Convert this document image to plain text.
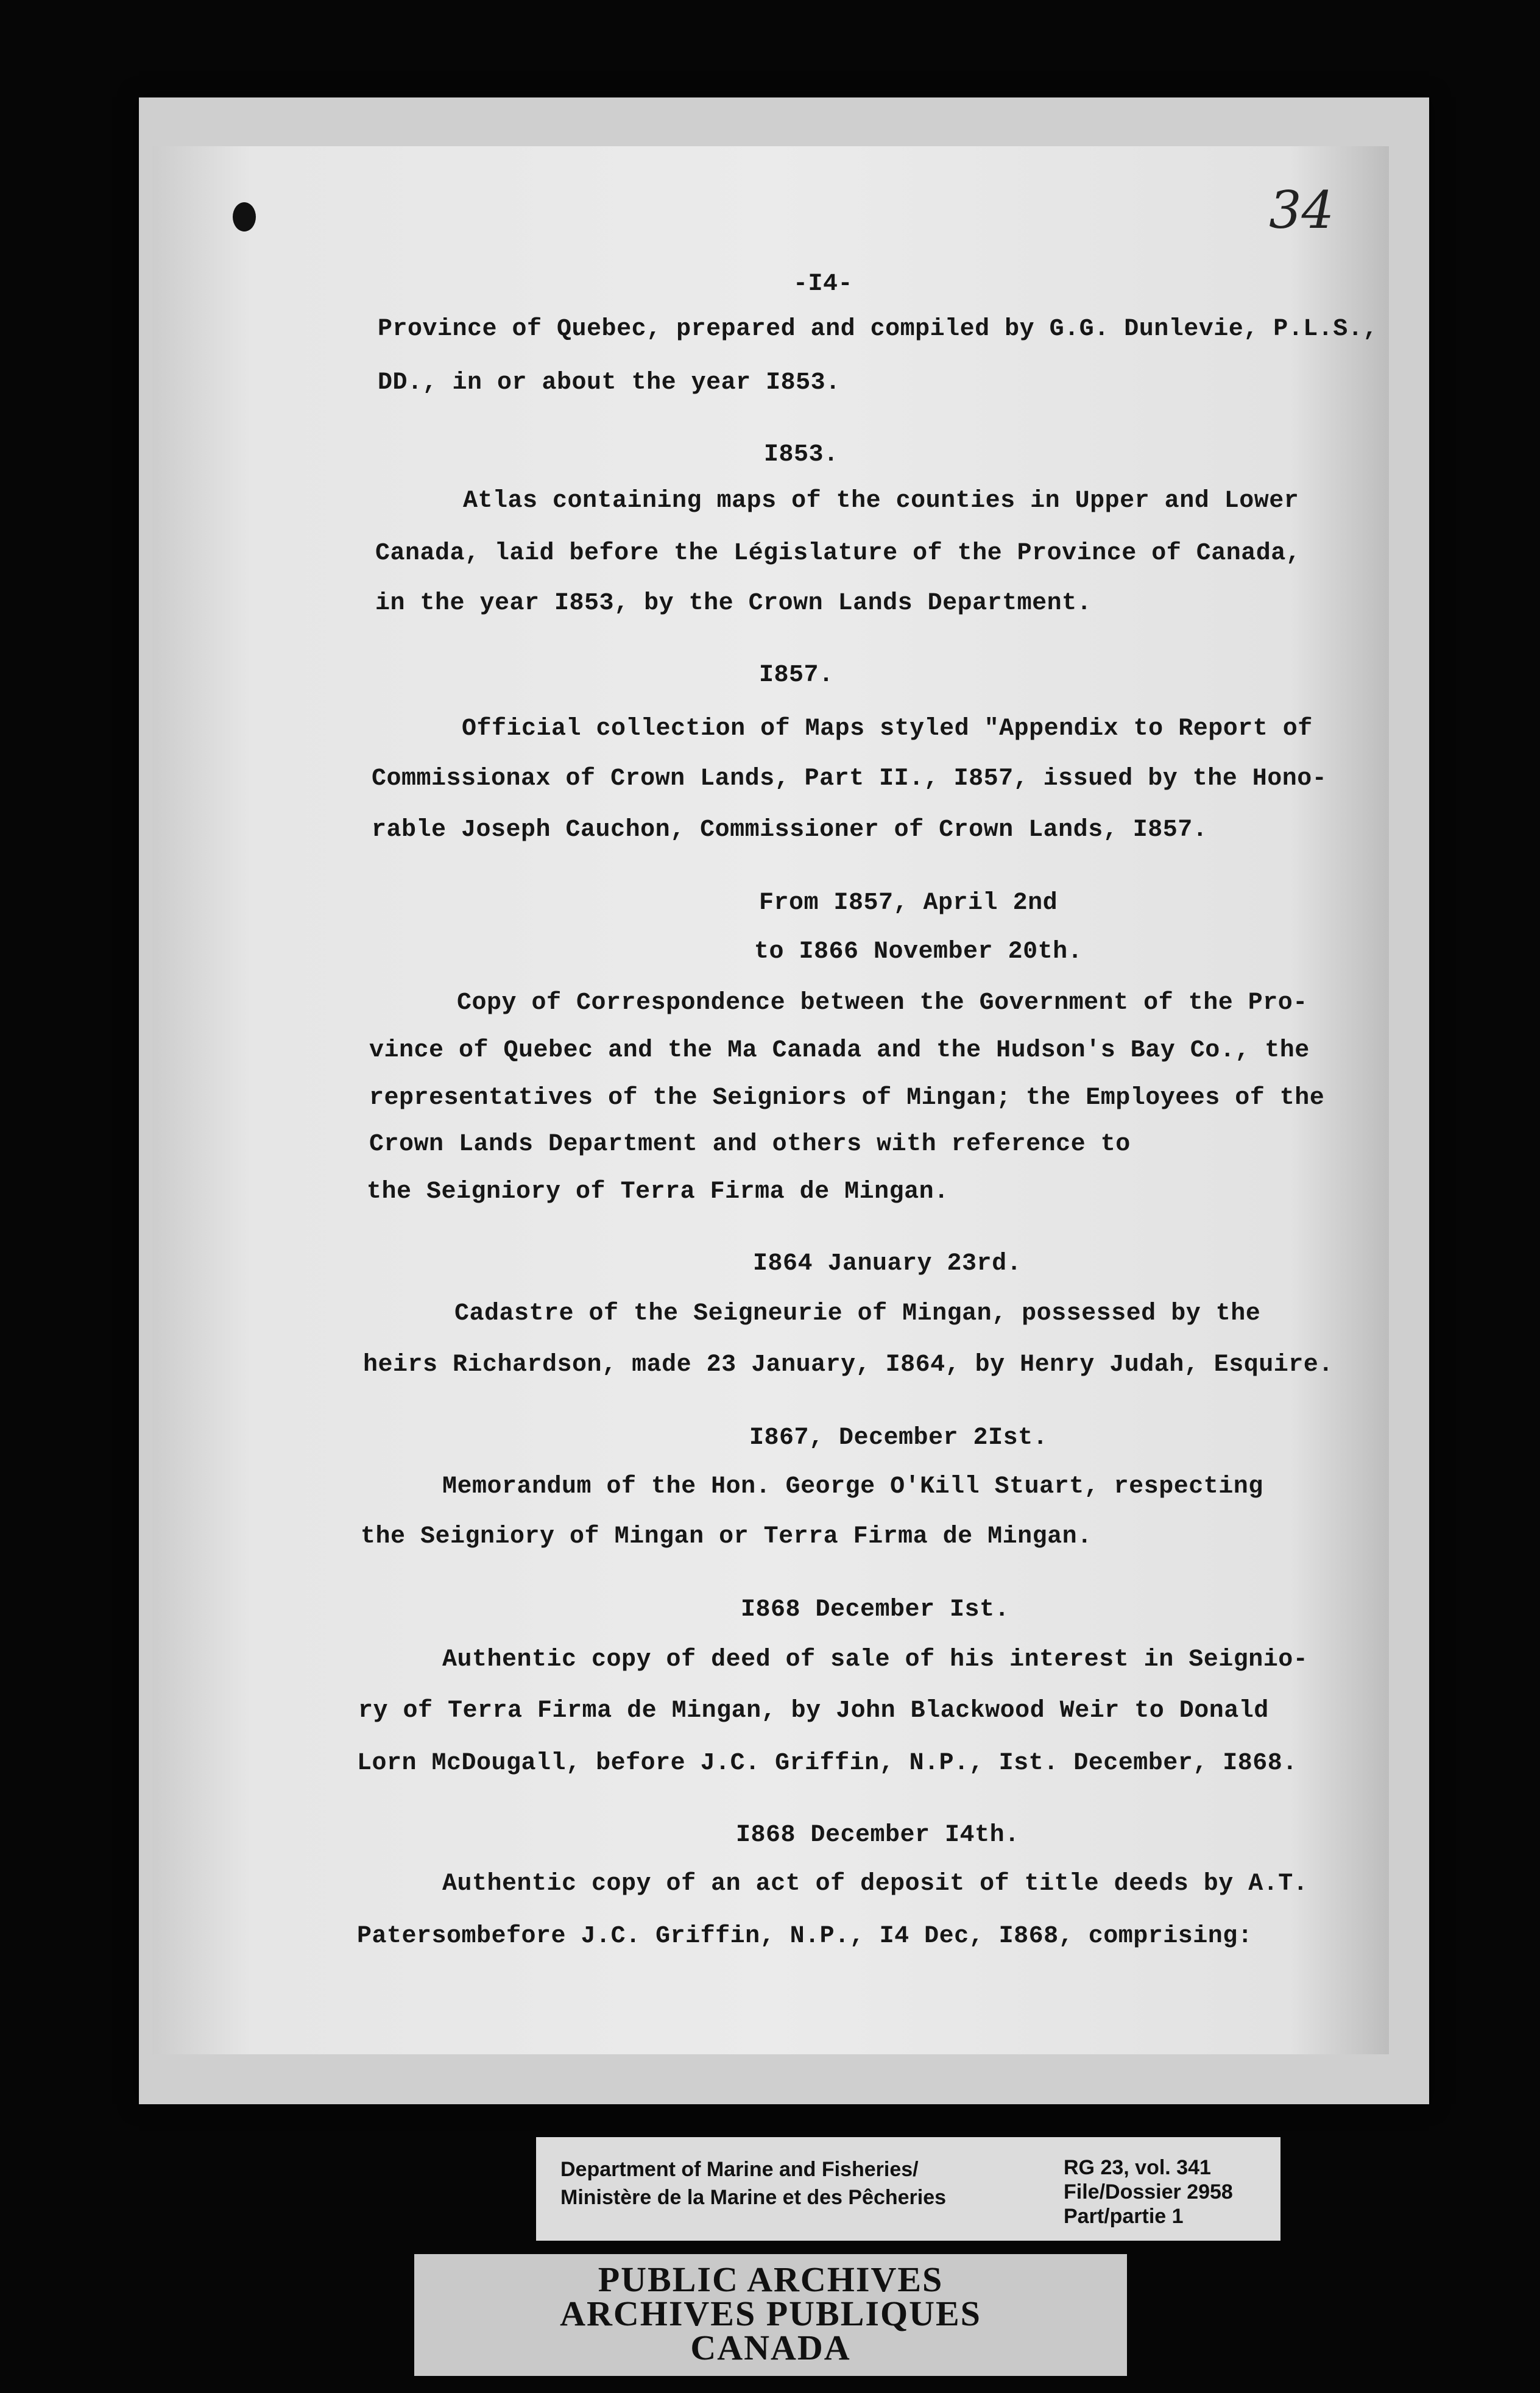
34
-I4-
Province of Quebec, prepared and compiled by G.G. Dunlevie, P.L.S.,
DD., in or about the year I853.
I853.
Atlas containing maps of the counties in Upper and Lower
Canada, laid before the Législature of the Province of Canada,
in the year I853, by the Crown Lands Department.
I857.
Official collection of Maps styled "Appendix to Report of
Commissionax of Crown Lands, Part II., I857, issued by the Hono-
rable Joseph Cauchon, Commissioner of Crown Lands, I857.
From I857, April 2nd
to I866 November 20th.
Copy of Correspondence between the Government of the Pro-
vince of Quebec and the Ma Canada and the Hudson's Bay Co., the
representatives of the Seigniors of Mingan; the Employees of the
Crown Lands Department and others with reference to
the Seigniory of Terra Firma de Mingan.
I864 January 23rd.
Cadastre of the Seigneurie of Mingan, possessed by the
heirs Richardson, made 23 January, I864, by Henry Judah, Esquire.
I867, December 2Ist.
Memorandum of the Hon. George O'Kill Stuart, respecting
the Seigniory of Mingan or Terra Firma de Mingan.
I868 December Ist.
Authentic copy of deed of sale of his interest in Seignio-
ry of Terra Firma de Mingan, by John Blackwood Weir to Donald
Lorn McDougall, before J.C. Griffin, N.P., Ist. December, I868.
I868 December I4th.
Authentic copy of an act of deposit of title deeds by A.T.
Patersombefore J.C. Griffin, N.P., I4 Dec, I868, comprising:
Department of Marine and Fisheries/
Ministère de la Marine et des Pêcheries
RG 23, vol. 341
File/Dossier 2958
Part/partie 1
PUBLIC ARCHIVES
ARCHIVES PUBLIQUES
CANADA
